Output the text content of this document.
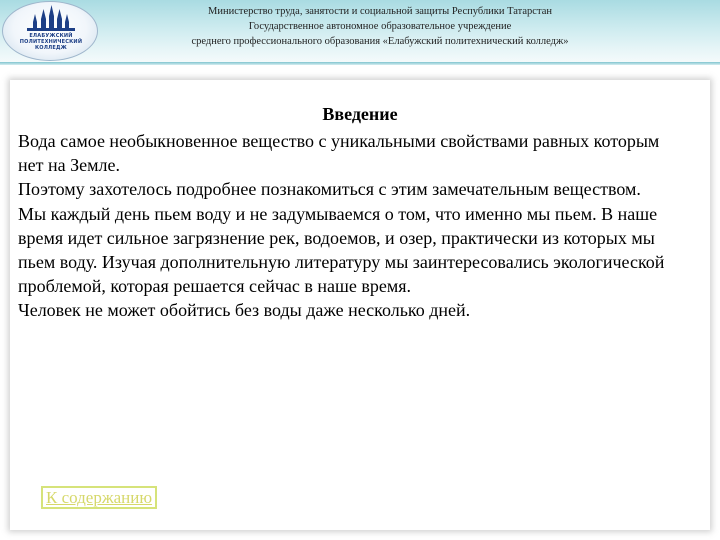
ЕЛАБУЖСКИЙ
ПОЛИТЕХНИЧЕСКИЙ
КОЛЛЕДЖ
Министерство труда, занятости и социальной защиты Республики Татарстан
Государственное автономное образовательное учреждение
среднего профессионального образования «Елабужский политехнический колледж»
Введение

Вода самое необыкновенное вещество с уникальными свойствами равных которым нет на Земле.

Поэтому захотелось подробнее познакомиться с этим замечательным веществом.

Мы каждый день пьем воду и не задумываемся о том, что именно мы пьем. В наше время идет сильное загрязнение рек, водоемов, и озер, практически из которых мы пьем воду. Изучая дополнительную литературу мы заинтересовались экологической проблемой, которая решается сейчас в наше время.

Человек не может обойтись без воды даже несколько дней.

К содержанию
